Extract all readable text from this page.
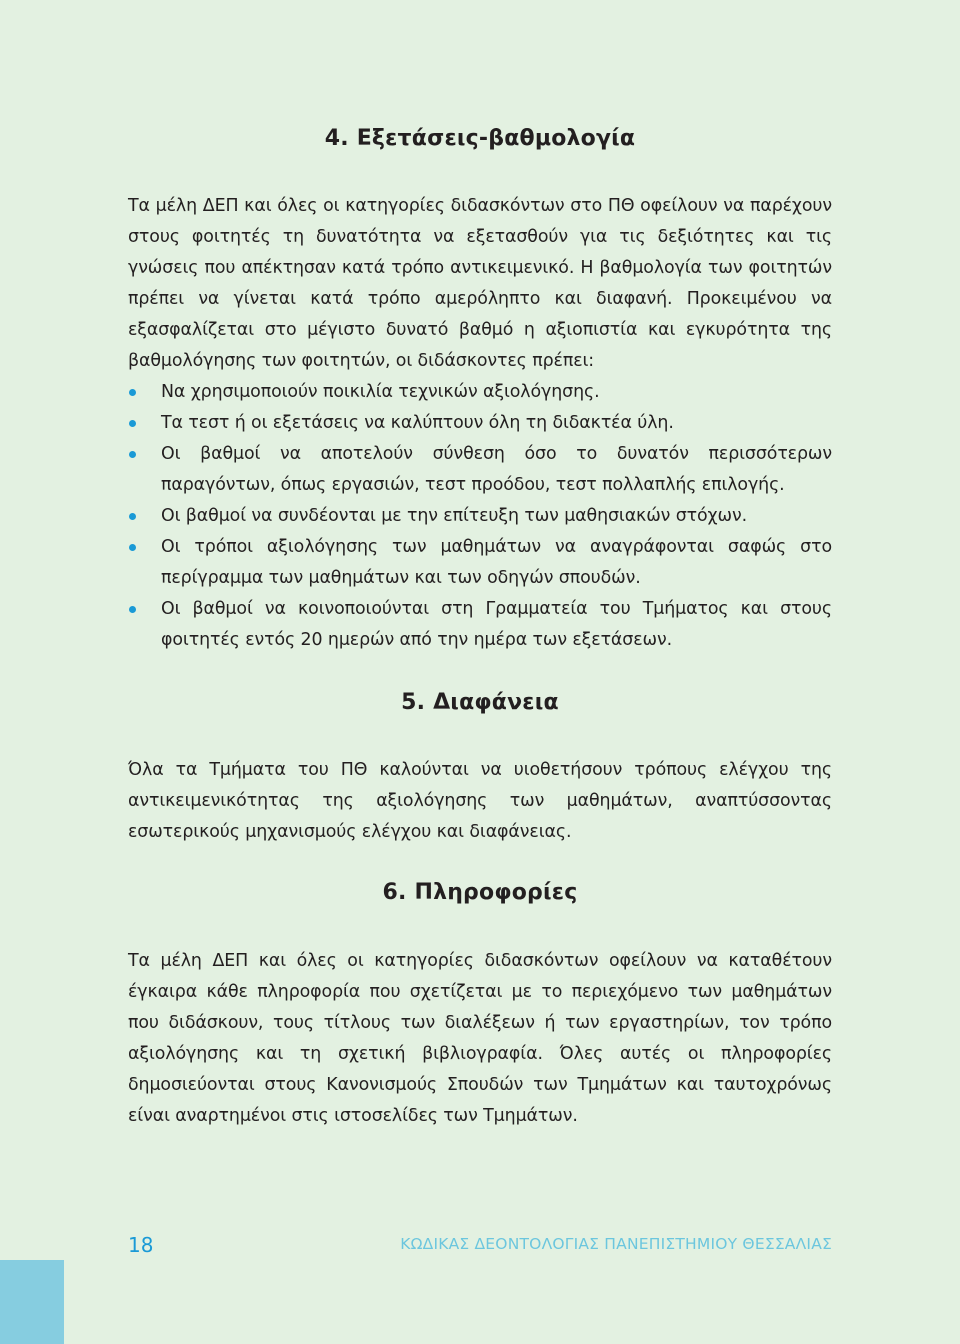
4. Εξετάσεις-βαθμολογία

Τα μέλη ΔΕΠ και όλες οι κατηγορίες διδασκόντων στο ΠΘ οφείλουν να παρέχουν στους φοιτητές τη δυνατότητα να εξετασθούν για τις δεξιότητες και τις γνώσεις που απέκτησαν κατά τρόπο αντικειμενικό. Η βαθμολογία των φοιτητών πρέπει να γίνεται κατά τρόπο αμερόληπτο και διαφανή. Προκειμένου να εξασφαλίζεται στο μέγιστο δυνατό βαθμό η αξιοπιστία και εγκυρότητα της βαθμολόγησης των φοιτητών, οι διδάσκοντες πρέπει:

Να χρησιμοποιούν ποικιλία τεχνικών αξιολόγησης.
Τα τεστ ή οι εξετάσεις να καλύπτουν όλη τη διδακτέα ύλη.
Οι βαθμοί να αποτελούν σύνθεση όσο το δυνατόν περισσότερων παραγόντων, όπως εργασιών, τεστ προόδου, τεστ πολλαπλής επιλογής.
Οι βαθμοί να συνδέονται με την επίτευξη των μαθησιακών στόχων.
Οι τρόποι αξιολόγησης των μαθημάτων να αναγράφονται σαφώς στο περίγραμμα των μαθημάτων και των οδηγών σπουδών.
Οι βαθμοί να κοινοποιούνται στη Γραμματεία του Τμήματος και στους φοιτητές εντός 20 ημερών από την ημέρα των εξετάσεων.
5. Διαφάνεια

Όλα τα Τμήματα του ΠΘ καλούνται να υιοθετήσουν τρόπους ελέγχου της αντικειμενικότητας της αξιολόγησης των μαθημάτων, αναπτύσσοντας εσωτερικούς μηχανισμούς ελέγχου και διαφάνειας.

6. Πληροφορίες

Τα μέλη ΔΕΠ και όλες οι κατηγορίες διδασκόντων οφείλουν να καταθέτουν έγκαιρα κάθε πληροφορία που σχετίζεται με το περιεχόμενο των μαθημάτων που διδάσκουν, τους τίτλους των διαλέξεων ή των εργαστηρίων, τον τρόπο αξιολόγησης και τη σχετική βιβλιογραφία. Όλες αυτές οι πληροφορίες δημοσιεύονται στους Κανονισμούς Σπουδών των Τμημάτων και ταυτοχρόνως είναι αναρτημένοι στις ιστοσελίδες των Τμημάτων.

18	ΚΩΔΙΚΑΣ ΔΕΟΝΤΟΛΟΓΙΑΣ ΠΑΝΕΠΙΣΤΗΜΙΟΥ ΘΕΣΣΑΛΙΑΣ
